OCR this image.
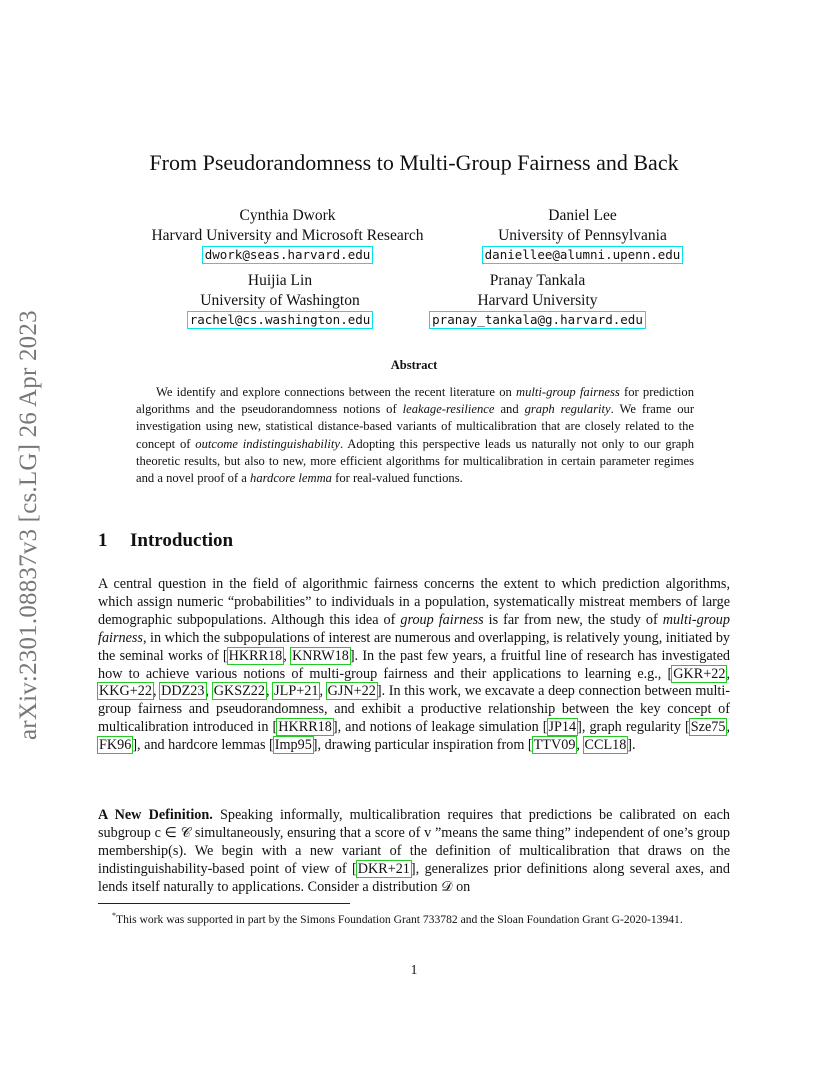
arXiv:2301.08837v3 [cs.LG] 26 Apr 2023
From Pseudorandomness to Multi-Group Fairness and Back
Cynthia Dwork
Harvard University and Microsoft Research
dwork@seas.harvard.edu
Daniel Lee
University of Pennsylvania
daniellee@alumni.upenn.edu
Huijia Lin
University of Washington
rachel@cs.washington.edu
Pranay Tankala
Harvard University
pranay_tankala@g.harvard.edu
Abstract
We identify and explore connections between the recent literature on multi-group fairness for prediction algorithms and the pseudorandomness notions of leakage-resilience and graph regularity. We frame our investigation using new, statistical distance-based variants of multicalibration that are closely related to the concept of outcome indistinguishability. Adopting this perspective leads us naturally not only to our graph theoretic results, but also to new, more efficient algorithms for multicalibration in certain parameter regimes and a novel proof of a hardcore lemma for real-valued functions.
1 Introduction
A central question in the field of algorithmic fairness concerns the extent to which prediction algorithms, which assign numeric “probabilities” to individuals in a population, systematically mistreat members of large demographic subpopulations. Although this idea of group fairness is far from new, the study of multi-group fairness, in which the subpopulations of interest are numerous and overlapping, is relatively young, initiated by the seminal works of [HKRR18, KNRW18]. In the past few years, a fruitful line of research has investigated how to achieve various notions of multi-group fairness and their applications to learning e.g., [GKR+22, KKG+22, DDZ23, GKSZ22, JLP+21, GJN+22]. In this work, we excavate a deep connection between multi-group fairness and pseudorandomness, and exhibit a productive relationship between the key concept of multicalibration introduced in [HKRR18], and notions of leakage simulation [JP14], graph regularity [Sze75, FK96], and hardcore lemmas [Imp95], drawing particular inspiration from [TTV09, CCL18].
A New Definition. Speaking informally, multicalibration requires that predictions be calibrated on each subgroup c ∈ 𝒞 simultaneously, ensuring that a score of v ”means the same thing” independent of one’s group membership(s). We begin with a new variant of the definition of multicalibration that draws on the indistinguishability-based point of view of [DKR+21], generalizes prior definitions along several axes, and lends itself naturally to applications. Consider a distribution 𝒟 on
*This work was supported in part by the Simons Foundation Grant 733782 and the Sloan Foundation Grant G-2020-13941.
1
